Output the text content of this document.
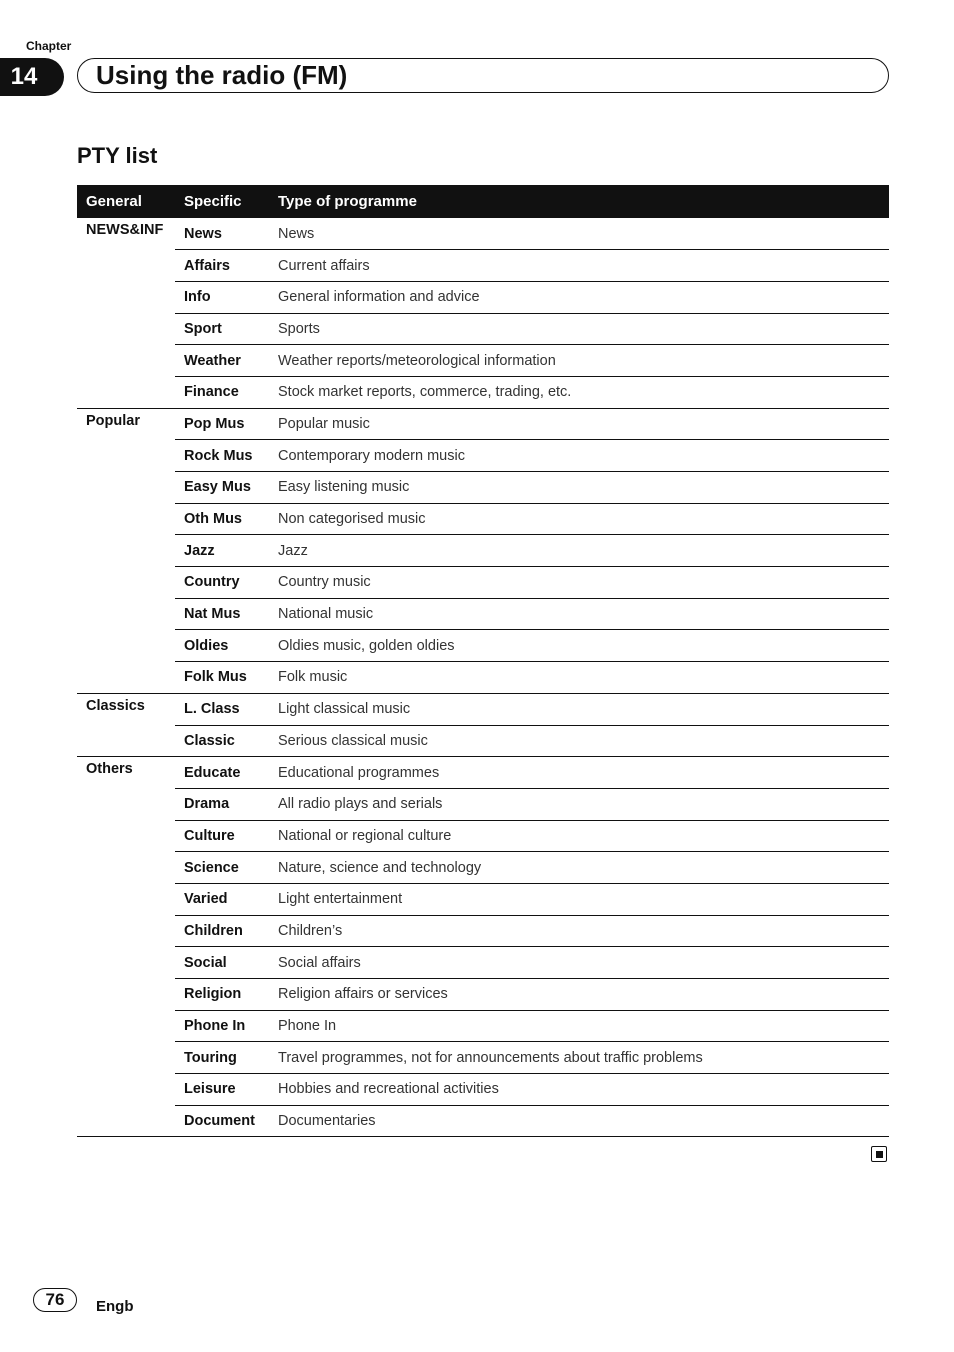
Chapter
14	Using the radio (FM)
PTY list
General	Specific	Type of programme
NEWS&INF	News	News
	Affairs	Current affairs
	Info	General information and advice
	Sport	Sports
	Weather	Weather reports/meteorological information
	Finance	Stock market reports, commerce, trading, etc.
Popular	Pop Mus	Popular music
	Rock Mus	Contemporary modern music
	Easy Mus	Easy listening music
	Oth Mus	Non categorised music
	Jazz	Jazz
	Country	Country music
	Nat Mus	National music
	Oldies	Oldies music, golden oldies
	Folk Mus	Folk music
Classics	L. Class	Light classical music
	Classic	Serious classical music
Others	Educate	Educational programmes
	Drama	All radio plays and serials
	Culture	National or regional culture
	Science	Nature, science and technology
	Varied	Light entertainment
	Children	Children’s
	Social	Social affairs
	Religion	Religion affairs or services
	Phone In	Phone In
	Touring	Travel programmes, not for announcements about traffic problems
	Leisure	Hobbies and recreational activities
	Document	Documentaries
76	Engb
